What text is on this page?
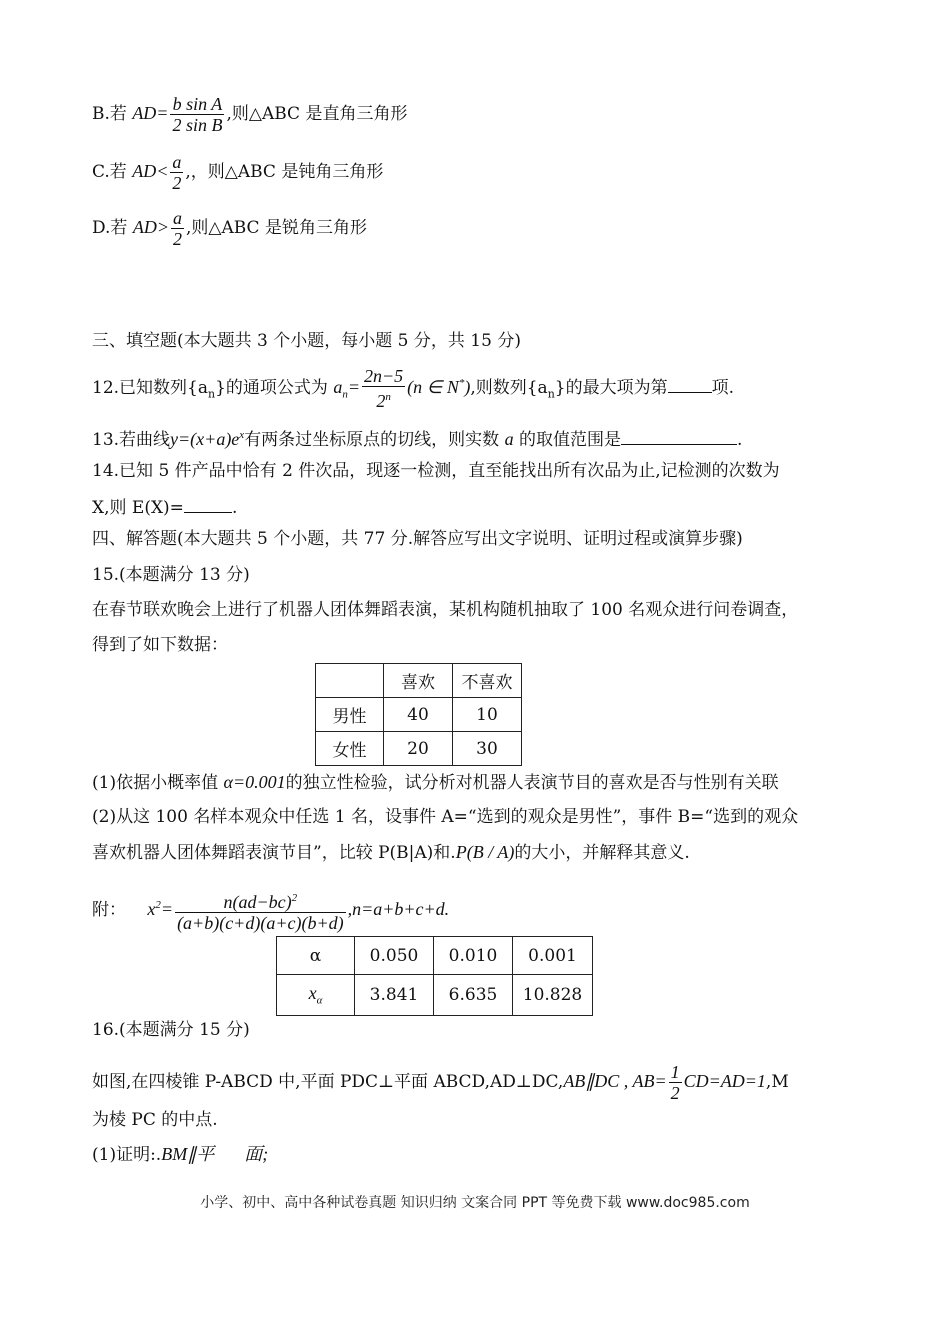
B.若 $AD= \frac{\text{b sin A}}{\text{2 sin B}}$ ,则△ABC 是直角三角形
C.若 $AD< \frac{a}{2}$ ,，则△ABC 是钝角三角形
D.若 $AD> \frac{a}{2}$ ,则△ABC 是锐角三角形
三、填空题(本大题共 3 个小题，每小题 5 分，共 15 分)
12.已知数列$\{a_n\}$的通项公式为 $a_n= \frac{2n-5}{2^n} (n$ ∈ N*),则数列$\{a_n\}$的最大项为第	项.
13.若曲线$y=(x+a)e^x$有两条过坐标原点的切线，则实数 a 的取值范围是	.
14.已知 5 件产品中恰有 2 件次品，现逐一检测，直至能找出所有次品为止,记检测的次数为
X,则 E(X)=	.
四、解答题(本大题共 5 个小题，共 77 分.解答应写出文字说明、证明过程或演算步骤)
15.(本题满分 13 分)
在春节联欢晚会上进行了机器人团体舞蹈表演，某机构随机抽取了 100 名观众进行问卷调查，
得到了如下数据：
	喜欢	不喜欢
男性	40	10
女性	20	30
(1)依据小概率值 α=0.001的独立性检验，试分析对机器人表演节目的喜欢是否与性别有关联
(2)从这 100 名样本观众中任选 1 名，设事件 A=“选到的观众是男性”，事件 B=“选到的观众
喜欢机器人团体舞蹈表演节目”，比较 P(B|A)和.P(B / A)的大小，并解释其意义.
附： $x^2= \frac{n(ad-bc)^2}{(a+b)(c+d)(a+c)(b+d)} ,n=a+b+c+d$.
α	0.050	0.010	0.001
$x_\alpha$	3.841	6.635	10.828
16.(本题满分 15 分)
如图,在四棱锥 P-ABCD 中,平面 PDC⊥平面 ABCD,AD⊥DC,AB∥DC , $AB= \frac{1}{2} CD=AD=1,M$
为棱 PC 的中点.
(1)证明:.BM∥平 面;
小学、初中、高中各种试卷真题 知识归纳 文案合同 PPT 等免费下载 www.doc985.com
